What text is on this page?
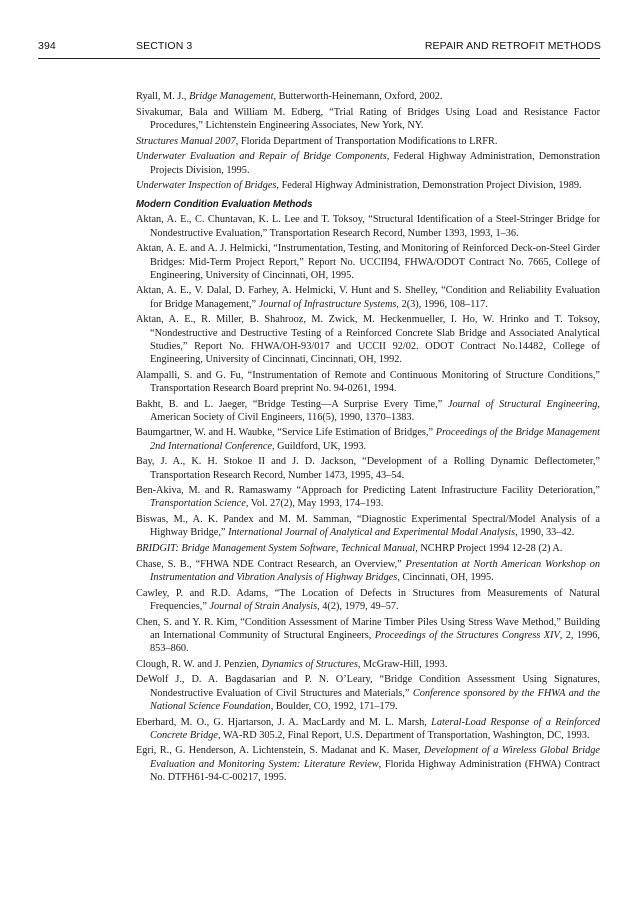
394	SECTION 3	REPAIR AND RETROFIT METHODS

Ryall, M. J., Bridge Management, Butterworth-Heinemann, Oxford, 2002.

Sivakumar, Bala and William M. Edberg, “Trial Rating of Bridges Using Load and Resistance Factor Procedures,” Lichtenstein Engineering Associates, New York, NY.

Structures Manual 2007, Florida Department of Transportation Modifications to LRFR.

Underwater Evaluation and Repair of Bridge Components, Federal Highway Administration, Demonstration Projects Division, 1995.

Underwater Inspection of Bridges, Federal Highway Administration, Demonstration Project Division, 1989.

Modern Condition Evaluation Methods

Aktan, A. E., C. Chuntavan, K. L. Lee and T. Toksoy, “Structural Identification of a Steel-Stringer Bridge for Nondestructive Evaluation,” Transportation Research Record, Number 1393, 1993, 1–36.

Aktan, A. E. and A. J. Helmicki, “Instrumentation, Testing, and Monitoring of Reinforced Deck-on-Steel Girder Bridges: Mid-Term Project Report,” Report No. UCCII94, FHWA/ODOT Contract No. 7665, College of Engineering, University of Cincinnati, OH, 1995.

Aktan, A. E., V. Dalal, D. Farhey, A. Helmicki, V. Hunt and S. Shelley, “Condition and Reliability Evaluation for Bridge Management,” Journal of Infrastructure Systems, 2(3), 1996, 108–117.

Aktan, A. E., R. Miller, B. Shahrooz, M. Zwick, M. Heckenmueller, I. Ho, W. Hrinko and T. Toksoy, “Nondestructive and Destructive Testing of a Reinforced Concrete Slab Bridge and Associated Analytical Studies,” Report No. FHWA/OH-93/017 and UCCII 92/02. ODOT Contract No.14482, College of Engineering, University of Cincinnati, Cincinnati, OH, 1992.

Alampalli, S. and G. Fu, “Instrumentation of Remote and Continuous Monitoring of Structure Conditions,” Transportation Research Board preprint No. 94-0261, 1994.

Bakht, B. and L. Jaeger, “Bridge Testing—A Surprise Every Time,” Journal of Structural Engineering, American Society of Civil Engineers, 116(5), 1990, 1370–1383.

Baumgartner, W. and H. Waubke, “Service Life Estimation of Bridges,” Proceedings of the Bridge Management 2nd International Conference, Guildford, UK, 1993.

Bay, J. A., K. H. Stokoe II and J. D. Jackson, “Development of a Rolling Dynamic Deflectometer,” Transportation Research Record, Number 1473, 1995, 43–54.

Ben-Akiva, M. and R. Ramaswamy “Approach for Predicting Latent Infrastructure Facility Deterioration,” Transportation Science, Vol. 27(2), May 1993, 174–193.

Biswas, M., A. K. Pandex and M. M. Samman, “Diagnostic Experimental Spectral/Model Analysis of a Highway Bridge,” International Journal of Analytical and Experimental Modal Analysis, 1990, 33–42.

BRIDGIT: Bridge Management System Software, Technical Manual, NCHRP Project 1994 12-28 (2) A.

Chase, S. B., “FHWA NDE Contract Research, an Overview,” Presentation at North American Workshop on Instrumentation and Vibration Analysis of Highway Bridges, Cincinnati, OH, 1995.

Cawley, P. and R.D. Adams, “The Location of Defects in Structures from Measurements of Natural Frequencies,” Journal of Strain Analysis, 4(2), 1979, 49–57.

Chen, S. and Y. R. Kim, “Condition Assessment of Marine Timber Piles Using Stress Wave Method,” Building an International Community of Structural Engineers, Proceedings of the Structures Congress XIV, 2, 1996, 853–860.

Clough, R. W. and J. Penzien, Dynamics of Structures, McGraw-Hill, 1993.

DeWolf J., D. A. Bagdasarian and P. N. O’Leary, “Bridge Condition Assessment Using Signatures, Nondestructive Evaluation of Civil Structures and Materials,” Conference sponsored by the FHWA and the National Science Foundation, Boulder, CO, 1992, 171–179.

Eberhard, M. O., G. Hjartarson, J. A. MacLardy and M. L. Marsh, Lateral-Load Response of a Reinforced Concrete Bridge, WA-RD 305.2, Final Report, U.S. Department of Transportation, Washington, DC, 1993.

Egri, R., G. Henderson, A. Lichtenstein, S. Madanat and K. Maser, Development of a Wireless Global Bridge Evaluation and Monitoring System: Literature Review, Florida Highway Administration (FHWA) Contract No. DTFH61-94-C-00217, 1995.
